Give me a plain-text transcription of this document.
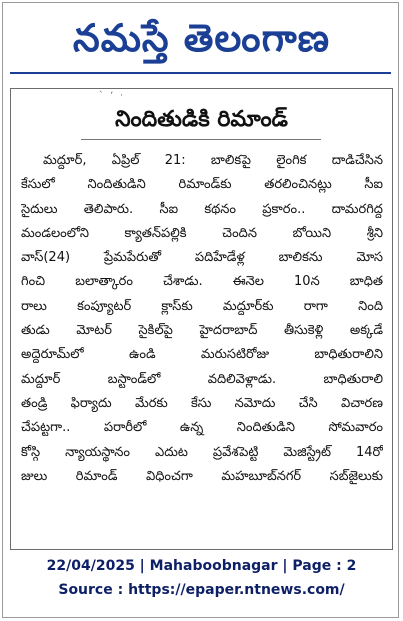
నమస్తే తెలంగాణ
` ‘ ·
నిందితుడికి రిమాండ్
మద్దూర్, ఏప్రిల్ 21: బాలికపై లైంగిక దాడిచేసిన
కేసులో నిందితుడిని రిమాండ్‌కు తరలించినట్లు సీఐ
సైదులు తెలిపారు. సీఐ కథనం ప్రకారం.. దామరగిద్ద
మండలంలోని క్యాతన్‌పల్లికి చెందిన బోయిని శ్రీని
వాస్(24) ప్రేమపేరుతో పదిహేడేళ్ల బాలికను మోస
గించి బలాత్కారం చేశాడు. ఈనెల 10న బాధిత
రాలు కంప్యూటర్ క్లాస్‌కు మద్దూర్‌కు రాగా నింది
తుడు మోటర్ సైకిల్‌పై హైదరాబాద్ తీసుకెళ్లి అక్కడే
అద్దెరూమ్‌లో ఉండి మరుసటిరోజు బాధితురాలిని
మద్దూర్ బస్టాండ్‌లో వదిలివెళ్లాడు. బాధితురాలి
తండ్రి ఫిర్యాదు మేరకు కేసు నమోదు చేసి విచారణ
చేపట్టగా.. పరారీలో ఉన్న నిందితుడిని సోమవారం
కోస్గి న్యాయస్థానం ఎదుట ప్రవేశపెట్టి మెజిస్ట్రేట్ 14రో
జులు రిమాండ్ విధించగా మహబూబ్‌నగర్ సబ్‌జైలుకు
22/04/2025 | Mahaboobnagar | Page : 2
Source : https://epaper.ntnews.com/
